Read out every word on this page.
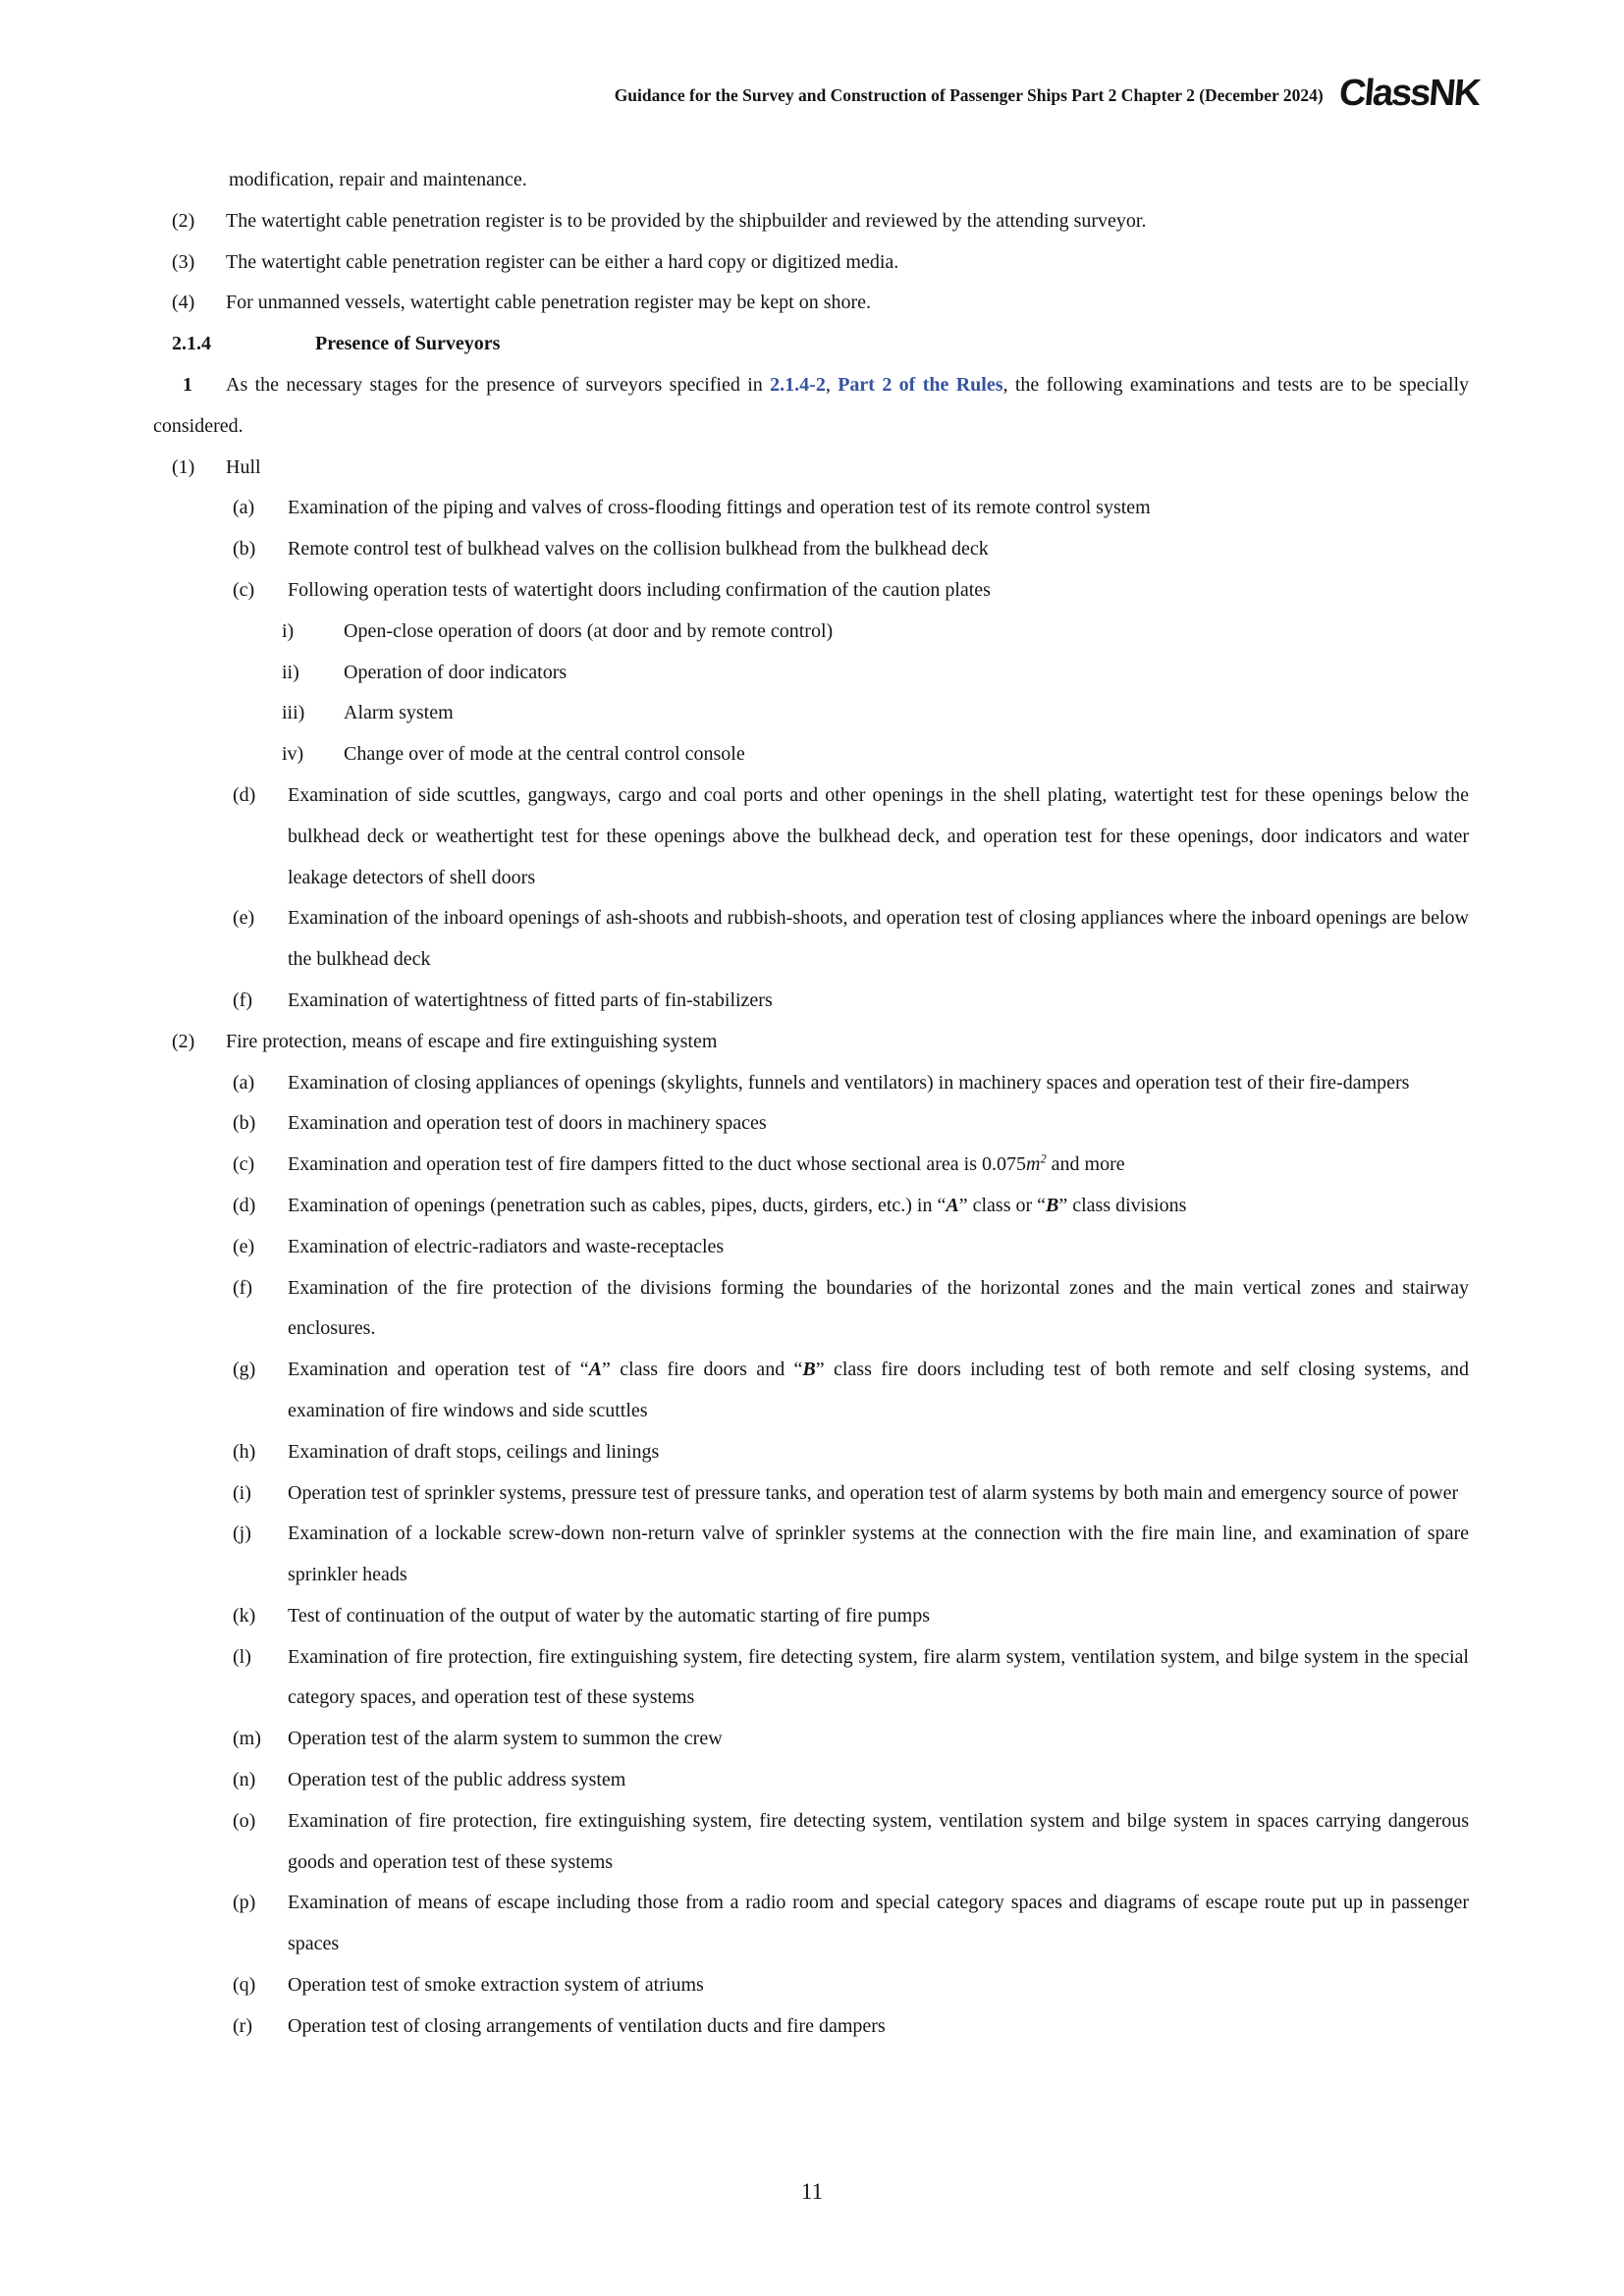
Guidance for the Survey and Construction of Passenger Ships Part 2 Chapter 2 (December 2024) ClassNK
modification, repair and maintenance.
(2) The watertight cable penetration register is to be provided by the shipbuilder and reviewed by the attending surveyor.
(3) The watertight cable penetration register can be either a hard copy or digitized media.
(4) For unmanned vessels, watertight cable penetration register may be kept on shore.
2.1.4	Presence of Surveyors
1 As the necessary stages for the presence of surveyors specified in 2.1.4-2, Part 2 of the Rules, the following examinations and tests are to be specially considered.
(1) Hull
(a) Examination of the piping and valves of cross-flooding fittings and operation test of its remote control system
(b) Remote control test of bulkhead valves on the collision bulkhead from the bulkhead deck
(c) Following operation tests of watertight doors including confirmation of the caution plates
i)	Open-close operation of doors (at door and by remote control)
ii) Operation of door indicators
iii) Alarm system
iv) Change over of mode at the central control console
(d) Examination of side scuttles, gangways, cargo and coal ports and other openings in the shell plating, watertight test for these openings below the bulkhead deck or weathertight test for these openings above the bulkhead deck, and operation test for these openings, door indicators and water leakage detectors of shell doors
(e) Examination of the inboard openings of ash-shoots and rubbish-shoots, and operation test of closing appliances where the inboard openings are below the bulkhead deck
(f) Examination of watertightness of fitted parts of fin-stabilizers
(2) Fire protection, means of escape and fire extinguishing system
(a) Examination of closing appliances of openings (skylights, funnels and ventilators) in machinery spaces and operation test of their fire-dampers
(b) Examination and operation test of doors in machinery spaces
(c) Examination and operation test of fire dampers fitted to the duct whose sectional area is $0.075m^2$ and more
(d) Examination of openings (penetration such as cables, pipes, ducts, girders, etc.) in “A” class or “B” class divisions
(e) Examination of electric-radiators and waste-receptacles
(f) Examination of the fire protection of the divisions forming the boundaries of the horizontal zones and the main vertical zones and stairway enclosures.
(g) Examination and operation test of “A” class fire doors and “B” class fire doors including test of both remote and self closing systems, and examination of fire windows and side scuttles
(h) Examination of draft stops, ceilings and linings
(i) Operation test of sprinkler systems, pressure test of pressure tanks, and operation test of alarm systems by both main and emergency source of power
(j) Examination of a lockable screw-down non-return valve of sprinkler systems at the connection with the fire main line, and examination of spare sprinkler heads
(k) Test of continuation of the output of water by the automatic starting of fire pumps
(l) Examination of fire protection, fire extinguishing system, fire detecting system, fire alarm system, ventilation system, and bilge system in the special category spaces, and operation test of these systems
(m) Operation test of the alarm system to summon the crew
(n) Operation test of the public address system
(o) Examination of fire protection, fire extinguishing system, fire detecting system, ventilation system and bilge system in spaces carrying dangerous goods and operation test of these systems
(p) Examination of means of escape including those from a radio room and special category spaces and diagrams of escape route put up in passenger spaces
(q) Operation test of smoke extraction system of atriums
(r) Operation test of closing arrangements of ventilation ducts and fire dampers
11
